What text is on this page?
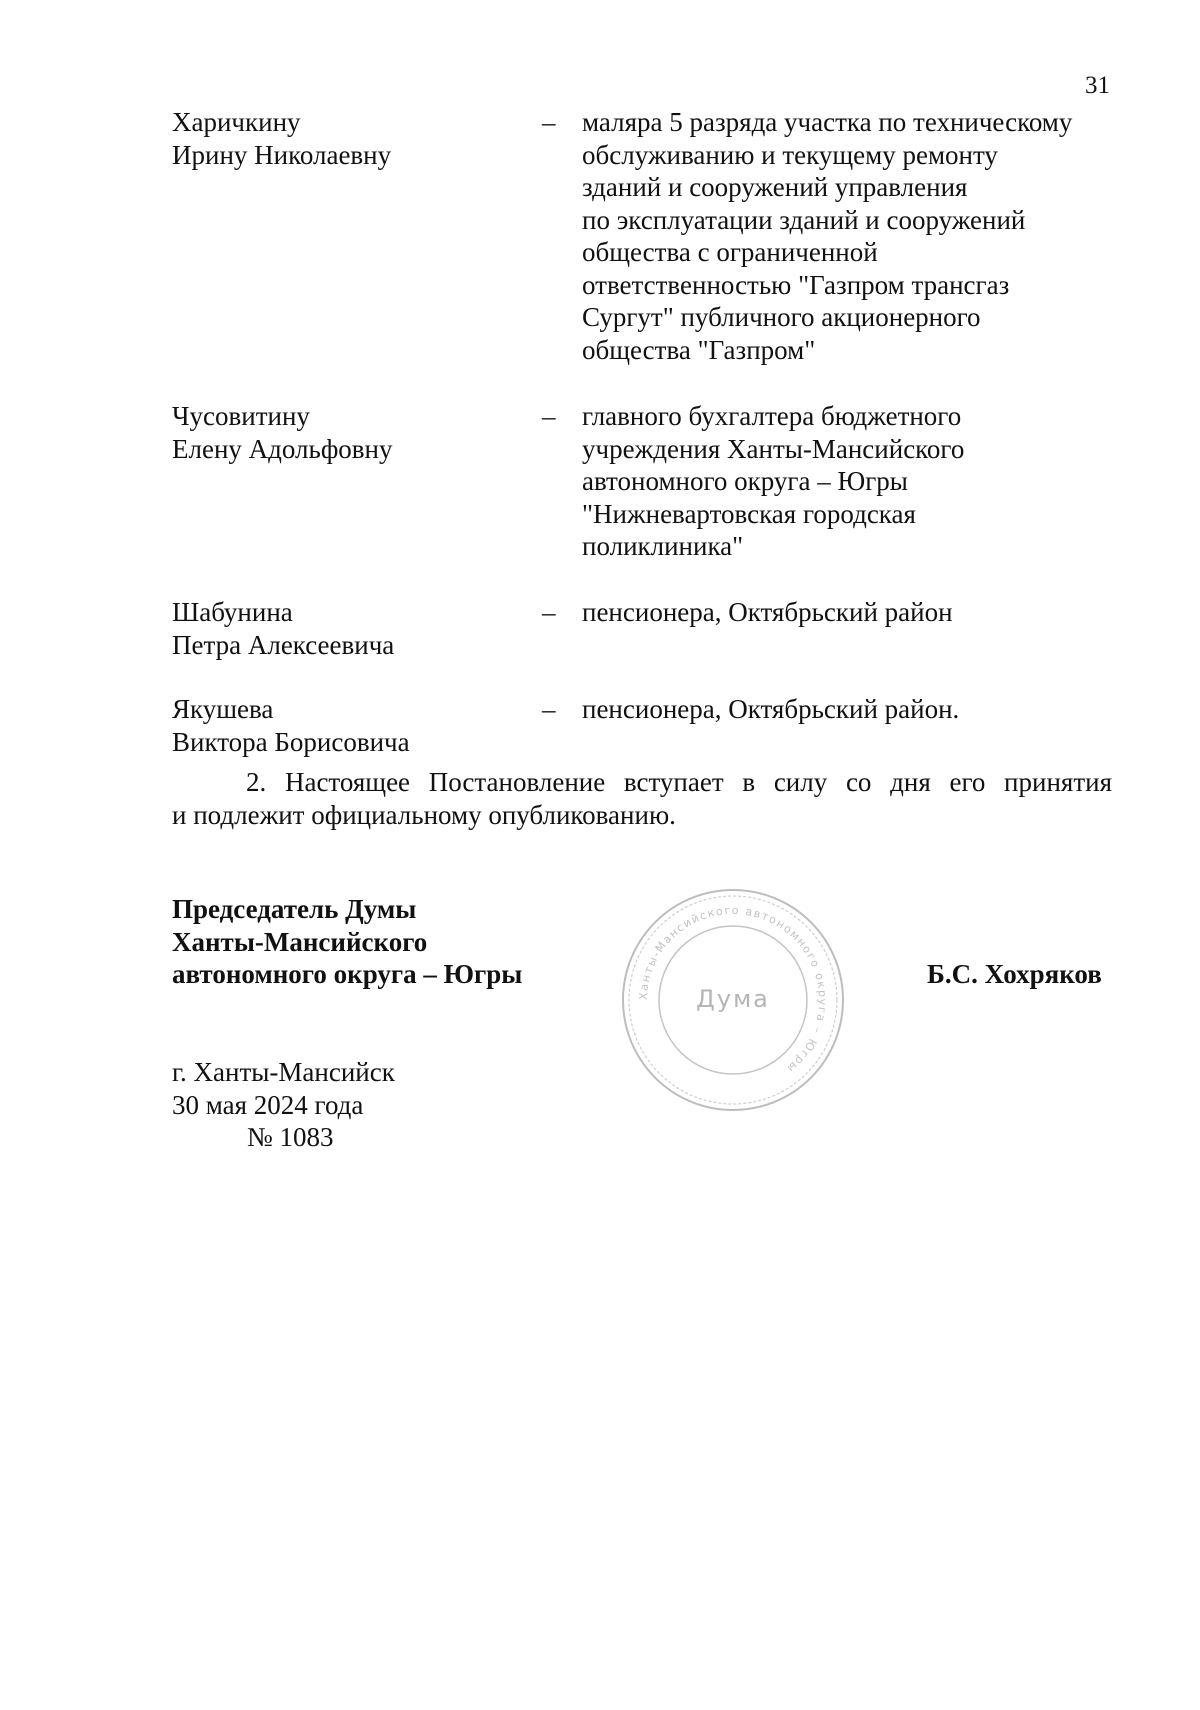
31
Харичкину
Ирину Николаевну
– маляра 5 разряда участка по техническому
обслуживанию и текущему ремонту
зданий и сооружений управления
по эксплуатации зданий и сооружений
общества с ограниченной
ответственностью "Газпром трансгаз
Сургут" публичного акционерного
общества "Газпром"
Чусовитину
Елену Адольфовну
– главного бухгалтера бюджетного
учреждения Ханты-Мансийского
автономного округа – Югры
"Нижневартовская городская
поликлиника"
Шабунина
Петра Алексеевича
– пенсионера, Октябрьский район
Якушева
Виктора Борисовича
– пенсионера, Октябрьский район.
2. Настоящее Постановление вступает в силу со дня его принятия
и подлежит официальному опубликованию.
Председатель Думы
Ханты-Мансийского
автономного округа – Югры
Ханты-Мансийского автономного округа – Югры
Дума
Б.С. Хохряков
г. Ханты-Мансийск
30 мая 2024 года
№ 1083
